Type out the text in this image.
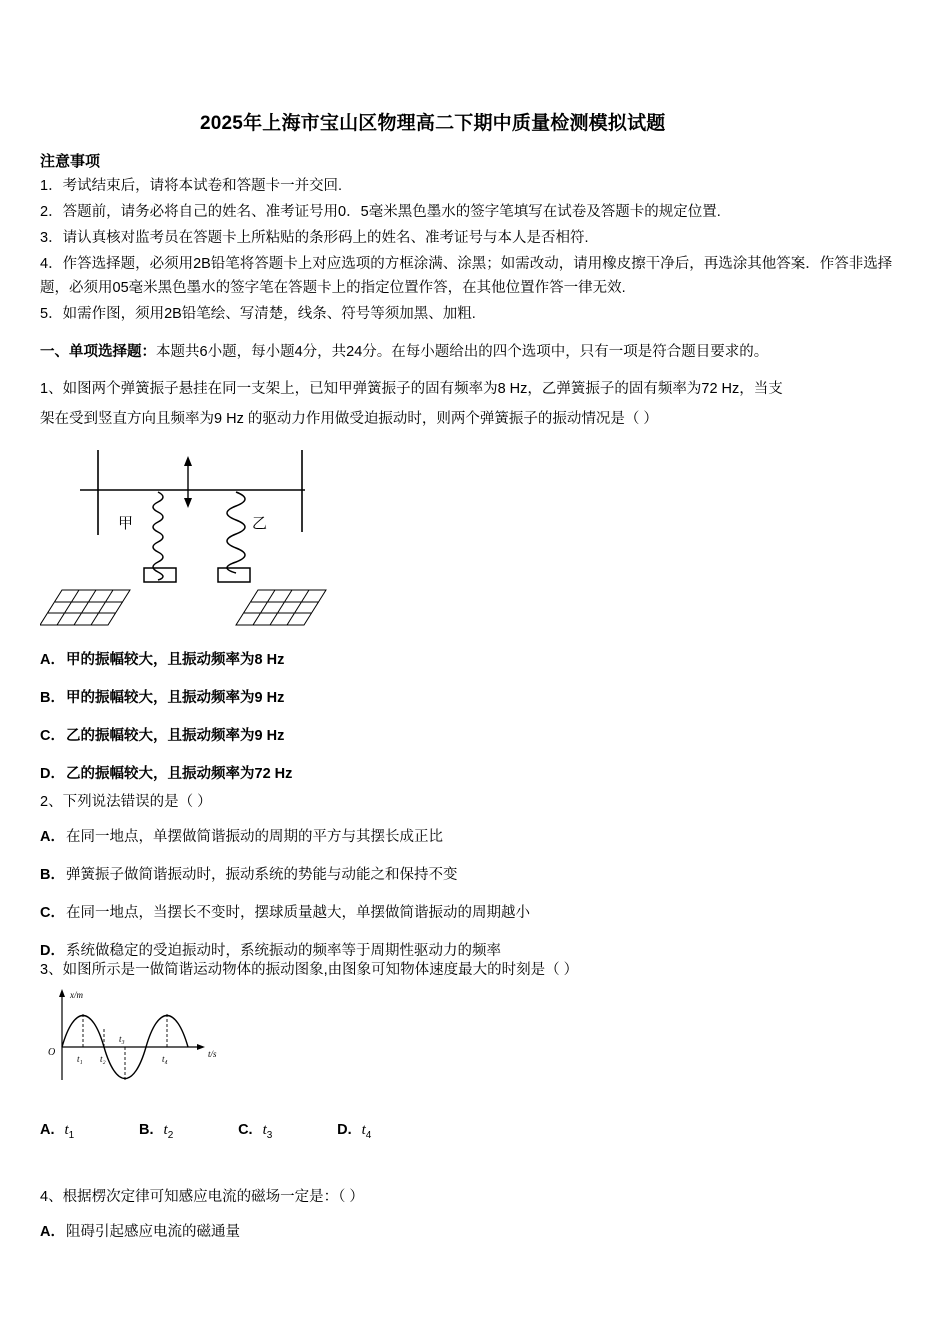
2025年上海市宝山区物理高二下期中质量检测模拟试题
注意事项
1．考试结束后，请将本试卷和答题卡一并交回.
2．答题前，请务必将自己的姓名、准考证号用0．5毫米黑色墨水的签字笔填写在试卷及答题卡的规定位置.
3．请认真核对监考员在答题卡上所粘贴的条形码上的姓名、准考证号与本人是否相符.
4．作答选择题，必须用2B铅笔将答题卡上对应选项的方框涂满、涂黑；如需改动，请用橡皮擦干净后，再选涂其他答案．作答非选择题，必须用05毫米黑色墨水的签字笔在答题卡上的指定位置作答，在其他位置作答一律无效.
5．如需作图，须用2B铅笔绘、写清楚，线条、符号等须加黑、加粗.
一、单项选择题：本题共6小题，每小题4分，共24分。在每小题给出的四个选项中，只有一项是符合题目要求的。
1、如图两个弹簧振子悬挂在同一支架上，已知甲弹簧振子的固有频率为8 Hz，乙弹簧振子的固有频率为72 Hz，当支
架在受到竖直方向且频率为9 Hz 的驱动力作用做受迫振动时，则两个弹簧振子的振动情况是（ ）
甲	乙
A．甲的振幅较大，且振动频率为8 Hz
B．甲的振幅较大，且振动频率为9 Hz
C．乙的振幅较大，且振动频率为9 Hz
D．乙的振幅较大，且振动频率为72 Hz
2、下列说法错误的是（ ）
A．在同一地点，单摆做简谐振动的周期的平方与其摆长成正比
B．弹簧振子做简谐振动时，振动系统的势能与动能之和保持不变
C．在同一地点，当摆长不变时，摆球质量越大，单摆做简谐振动的周期越小
D．系统做稳定的受迫振动时，系统振动的频率等于周期性驱动力的频率
3、如图所示是一做简谐运动物体的振动图象,由图象可知物体速度最大的时刻是（ ）
x/m
t/s
O
t₁ t₂
t₃
t₄
A. $t_1$	B. $t_2$	C. $t_3$	D. $t_4$
4、根据楞次定律可知感应电流的磁场一定是：（ ）
A．阻碍引起感应电流的磁通量
